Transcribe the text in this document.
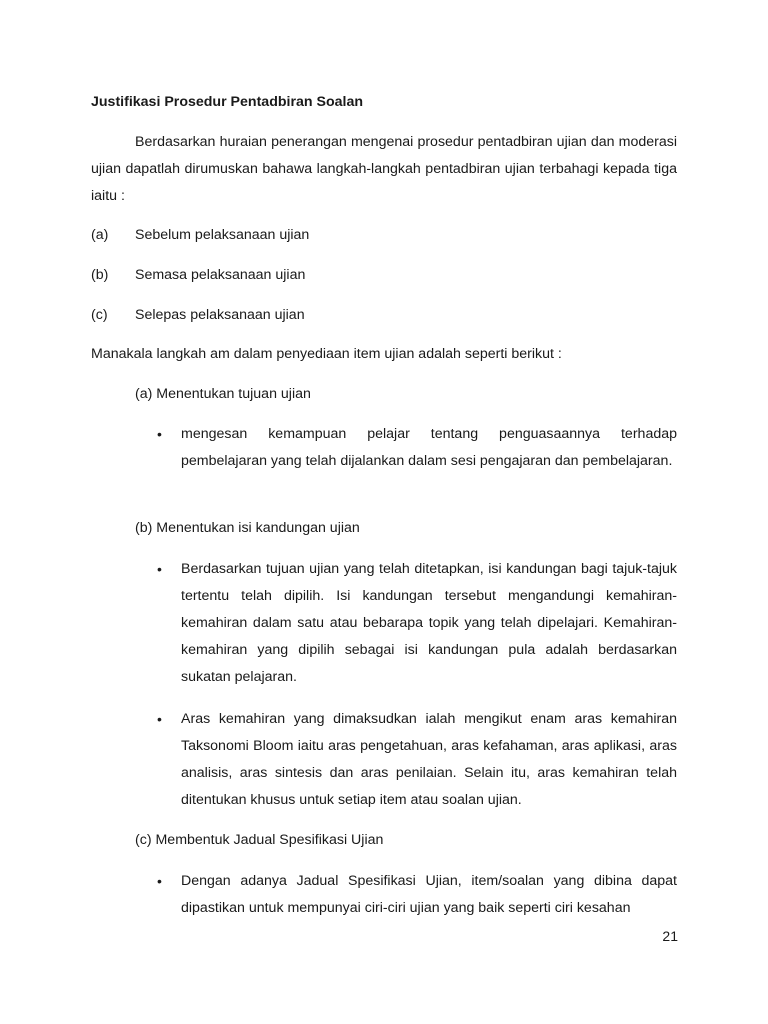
Justifikasi Prosedur Pentadbiran Soalan
Berdasarkan huraian penerangan mengenai prosedur pentadbiran ujian dan moderasi ujian dapatlah dirumuskan bahawa langkah-langkah pentadbiran ujian terbahagi kepada tiga iaitu :
(a)	Sebelum pelaksanaan ujian
(b)	Semasa pelaksanaan ujian
(c)	Selepas pelaksanaan ujian
Manakala langkah am dalam penyediaan item ujian adalah seperti berikut :
(a) Menentukan tujuan ujian
•	mengesan kemampuan pelajar tentang penguasaannya terhadap pembelajaran yang telah dijalankan dalam sesi pengajaran dan pembelajaran.
(b) Menentukan isi kandungan ujian
•	Berdasarkan tujuan ujian yang telah ditetapkan, isi kandungan bagi tajuk-tajuk tertentu telah dipilih. Isi kandungan tersebut mengandungi kemahiran-kemahiran dalam satu atau bebarapa topik yang telah dipelajari. Kemahiran-kemahiran yang dipilih sebagai isi kandungan pula adalah berdasarkan sukatan pelajaran.
•	Aras kemahiran yang dimaksudkan ialah mengikut enam aras kemahiran Taksonomi Bloom iaitu aras pengetahuan, aras kefahaman, aras aplikasi, aras analisis, aras sintesis dan aras penilaian. Selain itu, aras kemahiran telah ditentukan khusus untuk setiap item atau soalan ujian.
(c) Membentuk Jadual Spesifikasi Ujian
•	Dengan adanya Jadual Spesifikasi Ujian, item/soalan yang dibina dapat dipastikan untuk mempunyai ciri-ciri ujian yang baik seperti ciri kesahan
21
